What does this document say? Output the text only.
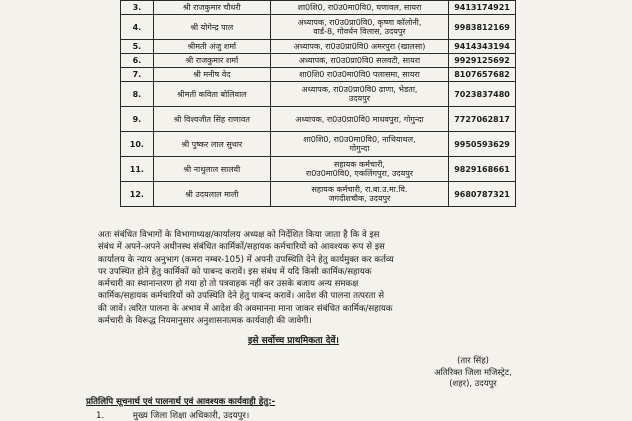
3.	श्री राजकुमार चौधरी	शा0शि0, रा0उ0मा0वि0, घणावल, सायरा	9413174921
4.	श्री योगेन्द्र पाल	अध्यापक, रा0उ0प्रा0वि0, कृष्णा कॉलोनी,
वार्ड-8, गोवर्धन विलास, उदयपुर	9983812169
5.	श्रीमती अंजु शर्मा	अध्यापक, रा0उ0प्रा0वि0 अमरपुरा (खालसा)	9414343194
6.	श्री राजकुमार शर्मा	अध्यापक, रा0उ0प्रा0वि0 सलवटी, सायरा	9929125692
7.	श्री मनीष वेद	शा0शि0 रा0उ0मा0वि0 पलासमा, सायरा	8107657682
8.	श्रीमती कविता बोलिवाल	अध्यापक, रा0उ0प्रा0वि0 ढाणा, भेडता,
उदयपुर	7023837480
9.	श्री विश्वजीत सिंह राणावत	अध्यापक, रा0उ0प्रा0वि0 माधवपुरा, गोगुन्दा	7727062817
10.	श्री पुष्कर लाल सुथार	शा0शि0, रा0उ0मा0वि0, नाथियाथल,
गोगुन्दा	9950593629
11.	श्री नाथुलाल सालवी	सहायक कर्मचारी,
रा0उ0मा0वि0, एकलिंगपुरा, उदयपुर	9829168661
12.	श्री उदयलाल माली	सहायक कर्मचारी, रा.बा.उ.मा.वि.
जगदीशचौक, उदयपुर	9680787321
अतः संबंधित विभागों के विभागाध्यक्ष/कार्यालय अध्यक्ष को निर्देशित किया जाता है कि वे इस
संबंध में अपने-अपने अधीनस्थ संबंधित कार्मिकों/सहायक कर्मचारियों को आवश्यक रूप से इस
कार्यालय के न्याय अनुभाग (कमरा नम्बर-105) में अपनी उपस्थिति देने हेतु कार्यमुक्त कर कर्तव्य
पर उपस्थित होने हेतु कार्मिकों को पाबन्द करावें। इस संबंध में यदि किसी कार्मिक/सहायक
कर्मचारी का स्थानान्तरण हो गया हो तो पत्रवाहक नहीं कर उसके बजाय अन्य समकक्ष
कार्मिक/सहायक कर्मचारियों को उपस्थिति देने हेतु पाबन्द करावें। आदेश की पालना तत्परता से
की जावें। त्वरित पालना के अभाव में आदेश की अवमानना माना जाकर संबंधित कार्मिक/सहायक
कर्मचारी के विरूद्ध नियमानुसार अनुशासनात्मक कार्यवाही की जावेगी।
इसे सर्वोच्च प्राथमिकता देवें।
(तार सिंह)
अतिरिक्त जिला मजिस्ट्रेट,
(शहर), उदयपुर
प्रतिलिपि सूचनार्थ एवं पालनार्थ एवं आवश्यक कार्यवाही हेतु:-
1.	मुख्य जिला शिक्षा अधिकारी, उदयपुर।
